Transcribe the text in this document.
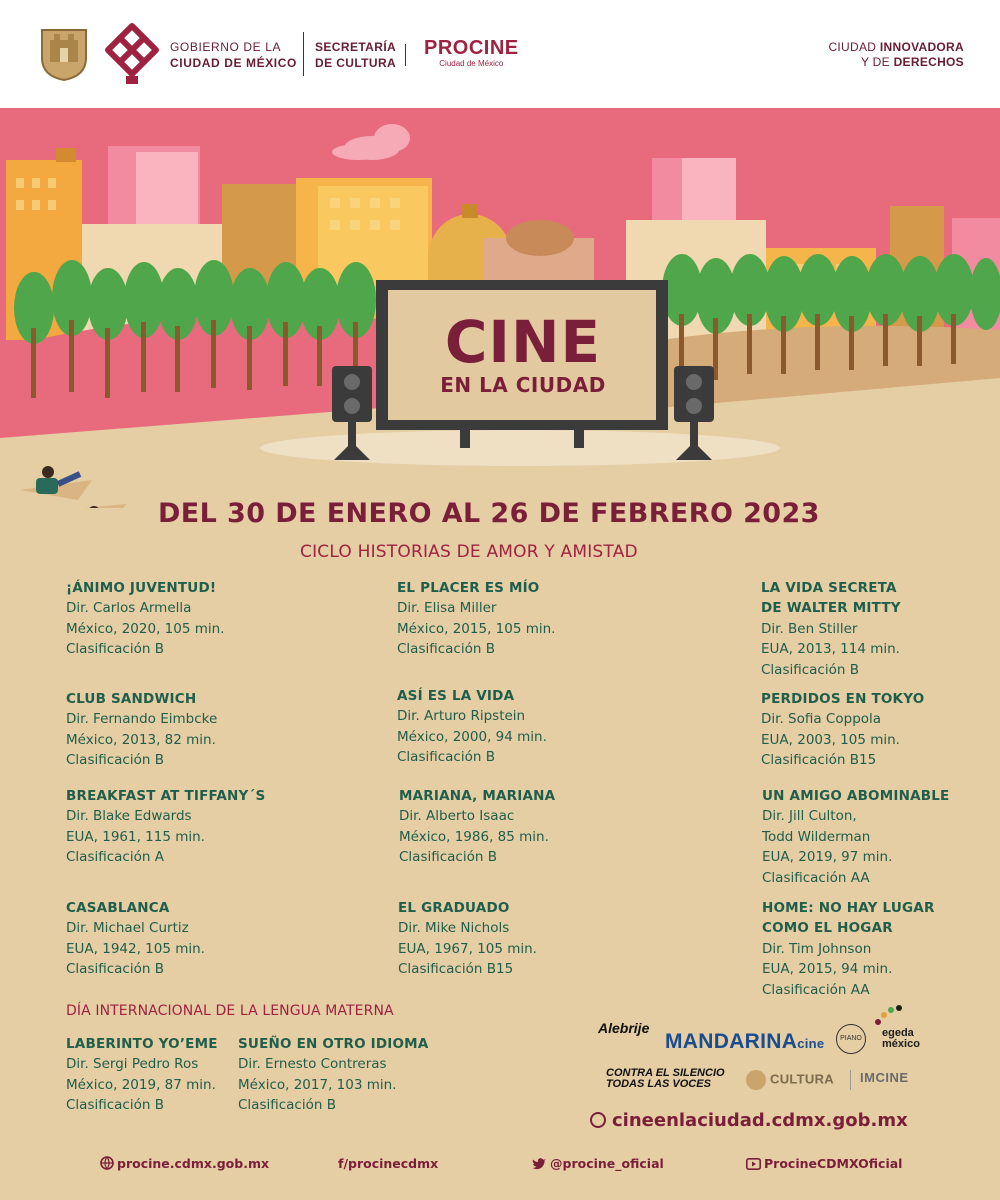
GOBIERNO DE LA
CIUDAD DE MÉXICO
SECRETARÍA
DE CULTURA
PROCINE
Ciudad de México
CIUDAD INNOVADORA
Y DE DERECHOS
CINE
EN LA CIUDAD
DEL 30 DE ENERO AL 26 DE FEBRERO 2023
CICLO HISTORIAS DE AMOR Y AMISTAD
¡ÁNIMO JUVENTUD!
Dir. Carlos Armella
México, 2020, 105 min.
Clasificación B
CLUB SANDWICH
Dir. Fernando Eimbcke
México, 2013, 82 min.
Clasificación B
BREAKFAST AT TIFFANY´S
Dir. Blake Edwards
EUA, 1961, 115 min.
Clasificación A
CASABLANCA
Dir. Michael Curtiz
EUA, 1942, 105 min.
Clasificación B
EL PLACER ES MÍO
Dir. Elisa Miller
México, 2015, 105 min.
Clasificación B
ASÍ ES LA VIDA
Dir. Arturo Ripstein
México, 2000, 94 min.
Clasificación B
MARIANA, MARIANA
Dir. Alberto Isaac
México, 1986, 85 min.
Clasificación B
EL GRADUADO
Dir. Mike Nichols
EUA, 1967, 105 min.
Clasificación B15
LA VIDA SECRETA
DE WALTER MITTY
Dir. Ben Stiller
EUA, 2013, 114 min.
Clasificación B
PERDIDOS EN TOKYO
Dir. Sofia Coppola
EUA, 2003, 105 min.
Clasificación B15
UN AMIGO ABOMINABLE
Dir. Jill Culton,
Todd Wilderman
EUA, 2019, 97 min.
Clasificación AA
HOME: NO HAY LUGAR
COMO EL HOGAR
Dir. Tim Johnson
EUA, 2015, 94 min.
Clasificación AA
DÍA INTERNACIONAL DE LA LENGUA MATERNA
LABERINTO YO’EME
Dir. Sergi Pedro Ros
México, 2019, 87 min.
Clasificación B
SUEÑO EN OTRO IDIOMA
Dir. Ernesto Contreras
México, 2017, 103 min.
Clasificación B
Alebrije
MANDARINAcine	PIANO	egeda
méxico
CONTRA EL SILENCIO
TODAS LAS VOCES	CULTURA IMCINE
cineenlaciudad.cdmx.gob.mx
procine.cdmx.gob.mx	f/procinecdmx	@procine_oficial	ProcineCDMXOficial
